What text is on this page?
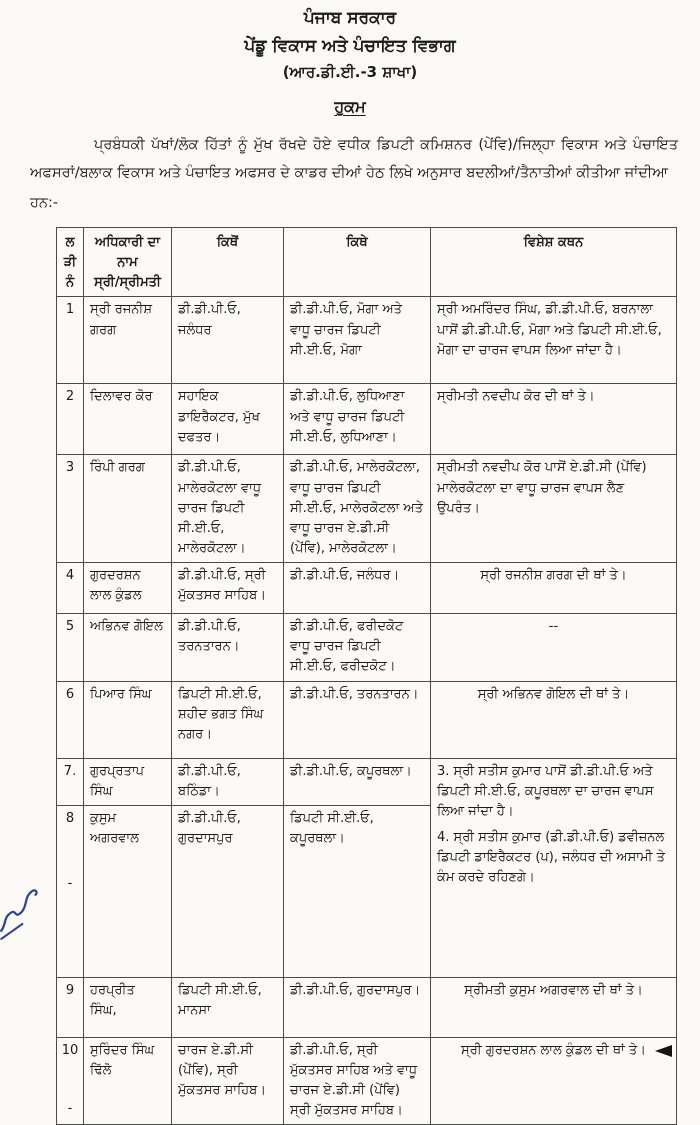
ਪੰਜਾਬ ਸਰਕਾਰ
ਪੇਂਡੂ ਵਿਕਾਸ ਅਤੇ ਪੰਚਾਇਤ ਵਿਭਾਗ
(ਆਰ.ਡੀ.ਈ.-3 ਸ਼ਾਖਾ)
ਹੁਕਮ

ਪ੍ਰਬੰਧਕੀ ਪੱਖਾਂ/ਲੋਕ ਹਿੱਤਾਂ ਨੂੰ ਮੁੱਖ ਰੱਖਦੇ ਹੋਏ ਵਧੀਕ ਡਿਪਟੀ ਕਮਿਸ਼ਨਰ (ਪੇਂਵਿ)/ਜਿਲ੍ਹਾ ਵਿਕਾਸ ਅਤੇ ਪੰਚਾਇਤ ਅਫਸਰਾਂ/ਬਲਾਕ ਵਿਕਾਸ ਅਤੇ ਪੰਚਾਇਤ ਅਫਸਰ ਦੇ ਕਾਡਰ ਦੀਆਂ ਹੇਠ ਲਿਖੇ ਅਨੁਸਾਰ ਬਦਲੀਆਂ/ਤੈਨਾਤੀਆਂ ਕੀਤੀਆ ਜਾਂਦੀਆ

ਹਨ:-
ਲੜੀ
ਨੰ

ਅਧਿਕਾਰੀ ਦਾ ਨਾਮ
ਸ੍ਰੀ/ਸ੍ਰੀਮਤੀ
	ਕਿਥੋਂ	ਕਿਥੇ	ਵਿਸ਼ੇਸ਼ ਕਥਨ
1	ਸ੍ਰੀ ਰਜਨੀਸ਼ ਗਰਗ	ਡੀ.ਡੀ.ਪੀ.ਓ, ਜਲੰਧਰ	ਡੀ.ਡੀ.ਪੀ.ਓ, ਮੋਗਾ ਅਤੇ ਵਾਧੂ ਚਾਰਜ ਡਿਪਟੀ ਸੀ.ਈ.ਓ, ਮੋਗਾ	ਸ੍ਰੀ ਅਮਰਿੰਦਰ ਸਿੰਘ, ਡੀ.ਡੀ.ਪੀ.ਓ, ਬਰਨਾਲਾ ਪਾਸੋਂ ਡੀ.ਡੀ.ਪੀ.ਓ, ਮੋਗਾ ਅਤੇ ਡਿਪਟੀ ਸੀ.ਈ.ਓ, ਮੋਗਾ ਦਾ ਚਾਰਜ ਵਾਪਸ ਲਿਆ ਜਾਂਦਾ ਹੈ।
2	ਦਿਲਾਵਰ ਕੋਰ	ਸਹਾਇਕ ਡਾਇਰੈਕਟਰ, ਮੁੱਖ ਦਫਤਰ।	ਡੀ.ਡੀ.ਪੀ.ਓ, ਲੁਧਿਆਣਾ ਅਤੇ ਵਾਧੂ ਚਾਰਜ ਡਿਪਟੀ ਸੀ.ਈ.ਓ, ਲੁਧਿਆਣਾ।	ਸ੍ਰੀਮਤੀ ਨਵਦੀਪ ਕੋਰ ਦੀ ਥਾਂ ਤੇ।
3	ਰਿੰਪੀ ਗਰਗ	ਡੀ.ਡੀ.ਪੀ.ਓ, ਮਾਲੇਰਕੋਟਲਾ ਵਾਧੂ ਚਾਰਜ ਡਿਪਟੀ ਸੀ.ਈ.ਓ, ਮਾਲੇਰਕੋਟਲਾ।	ਡੀ.ਡੀ.ਪੀ.ਓ, ਮਾਲੇਰਕੋਟਲਾ, ਵਾਧੂ ਚਾਰਜ ਡਿਪਟੀ ਸੀ.ਈ.ਓ, ਮਾਲੇਰਕੋਟਲਾ ਅਤੇ ਵਾਧੂ ਚਾਰਜ ਏ.ਡੀ.ਸੀ (ਪੇਂਵਿ), ਮਾਲੇਰਕੋਟਲਾ।	ਸ੍ਰੀਮਤੀ ਨਵਦੀਪ ਕੋਰ ਪਾਸੋਂ ਏ.ਡੀ.ਸੀ (ਪੇਂਵਿ) ਮਾਲੇਰਕੋਟਲਾ ਦਾ ਵਾਧੂ ਚਾਰਜ ਵਾਪਸ ਲੈਣ ਉਪਰੰਤ।
4	ਗੁਰਦਰਸ਼ਨ ਲਾਲ ਕੁੰਡਲ	ਡੀ.ਡੀ.ਪੀ.ਓ, ਸ੍ਰੀ ਮੁੱਕਤਸਰ ਸਾਹਿਬ।	ਡੀ.ਡੀ.ਪੀ.ਓ, ਜਲੰਧਰ।	ਸ੍ਰੀ ਰਜਨੀਸ਼ ਗਰਗ ਦੀ ਥਾਂ ਤੇ।
5	ਅਭਿਨਵ ਗੋਇਲ	ਡੀ.ਡੀ.ਪੀ.ਓ, ਤਰਨਤਾਰਨ।	ਡੀ.ਡੀ.ਪੀ.ਓ, ਫਰੀਦਕੋਟ ਵਾਧੂ ਚਾਰਜ ਡਿਪਟੀ ਸੀ.ਈ.ਓ, ਫਰੀਦਕੋਟ।	--
6	ਪਿਆਰ ਸਿੰਘ	ਡਿਪਟੀ ਸੀ.ਈ.ਓ, ਸ਼ਹੀਦ ਭਗਤ ਸਿੰਘ ਨਗਰ।	ਡੀ.ਡੀ.ਪੀ.ਓ, ਤਰਨਤਾਰਨ।	ਸ੍ਰੀ ਅਭਿਨਵ ਗੋਇਲ ਦੀ ਥਾਂ ਤੇ।
7.	ਗੁਰਪ੍ਰਤਾਪ ਸਿੰਘ	ਡੀ.ਡੀ.ਪੀ.ਓ, ਬਠਿੰਡਾ।	ਡੀ.ਡੀ.ਪੀ.ਓ, ਕਪੂਰਥਲਾ।	3. ਸ੍ਰੀ ਸਤੀਸ ਕੁਮਾਰ ਪਾਸੋਂ ਡੀ.ਡੀ.ਪੀ.ਓ ਅਤੇ ਡਿਪਟੀ ਸੀ.ਈ.ਓ, ਕਪੂਰਥਲਾ ਦਾ ਚਾਰਜ ਵਾਪਸ ਲਿਆ ਜਾਂਦਾ ਹੈ।

4. ਸ੍ਰੀ ਸਤੀਸ ਕੁਮਾਰ (ਡੀ.ਡੀ.ਪੀ.ਓ) ਡਵੀਜ਼ਨਲ ਡਿਪਟੀ ਡਾਇਰੈਕਟਰ (ਪ), ਜਲੰਧਰ ਦੀ ਅਸਾਮੀ ਤੇ ਕੰਮ ਕਰਦੇ ਰਹਿਣਗੇ।

8
-	ਕੁਸੁਮ ਅਗਰਵਾਲ	ਡੀ.ਡੀ.ਪੀ.ਓ, ਗੁਰਦਾਸਪੁਰ	ਡਿਪਟੀ ਸੀ.ਈ.ਓ, ਕਪੂਰਥਲਾ।	
9	ਹਰਪ੍ਰੀਤ ਸਿੰਘ,	ਡਿਪਟੀ ਸੀ.ਈ.ਓ, ਮਾਨਸਾ	ਡੀ.ਡੀ.ਪੀ.ਓ, ਗੁਰਦਾਸਪੁਰ।	ਸ੍ਰੀਮਤੀ ਕੁਸੁਮ ਅਗਰਵਾਲ ਦੀ ਥਾਂ ਤੇ।

10
-	ਸੁਰਿੰਦਰ ਸਿੰਘ ਢਿੱਲੋ	ਚਾਰਜ ਏ.ਡੀ.ਸੀ (ਪੇਂਵਿ), ਸ੍ਰੀ ਮੁੱਕਤਸਰ ਸਾਹਿਬ।	ਡੀ.ਡੀ.ਪੀ.ਓ, ਸ੍ਰੀ ਮੁੱਕਤਸਰ ਸਾਹਿਬ ਅਤੇ ਵਾਧੂ ਚਾਰਜ ਏ.ਡੀ.ਸੀ (ਪੇਂਵਿ) ਸ੍ਰੀ ਮੁੱਕਤਸਰ ਸਾਹਿਬ।	ਸ੍ਰੀ ਗੁਰਦਰਸ਼ਨ ਲਾਲ ਕੁੰਡਲ ਦੀ ਥਾਂ ਤੇ।
